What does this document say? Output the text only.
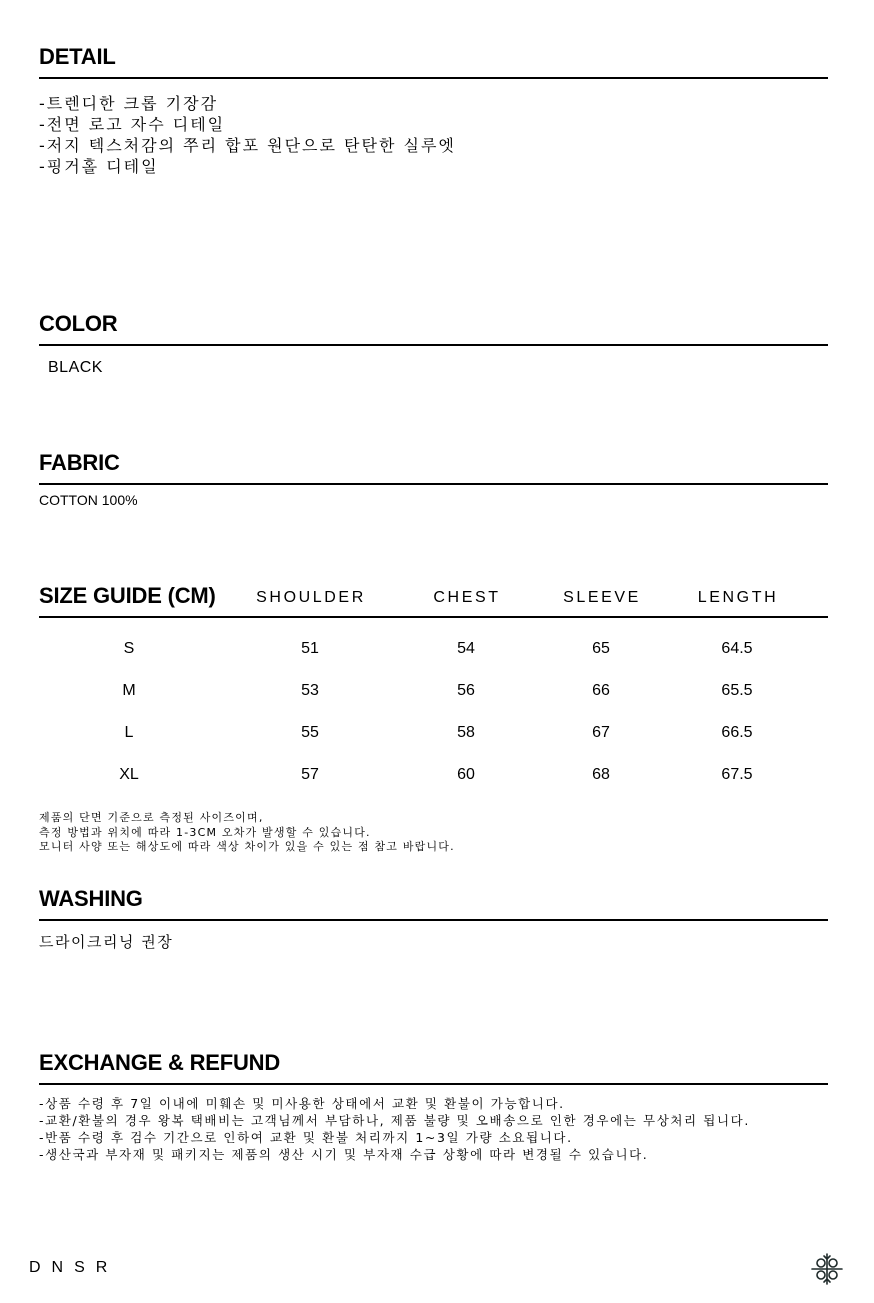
DETAIL
-트렌디한 크롭 기장감
-전면 로고 자수 디테일
-저지 텍스처감의 쭈리 합포 원단으로 탄탄한 실루엣
-핑거홀 디테일
COLOR
BLACK
FABRIC
COTTON 100%
SIZE GUIDE (CM)	SHOULDER	CHEST	SLEEVE	LENGTH
S	51	54	65	64.5
M	53	56	66	65.5
L	55	58	67	66.5
XL	57	60	68	67.5
제품의 단면 기준으로 측정된 사이즈이며,
측정 방법과 위치에 따라 1-3CM 오차가 발생할 수 있습니다.
모니터 사양 또는 해상도에 따라 색상 차이가 있을 수 있는 점 참고 바랍니다.
WASHING
드라이크리닝 권장
EXCHANGE & REFUND
-상품 수령 후 7일 이내에 미훼손 및 미사용한 상태에서 교환 및 환불이 가능합니다.
-교환/환불의 경우 왕복 택배비는 고객님께서 부담하나, 제품 불량 및 오배송으로 인한 경우에는 무상처리 됩니다.
-반품 수령 후 검수 기간으로 인하여 교환 및 환불 처리까지 1~3일 가량 소요됩니다.
-생산국과 부자재 및 패키지는 제품의 생산 시기 및 부자재 수급 상황에 따라 변경될 수 있습니다.
DNSR
